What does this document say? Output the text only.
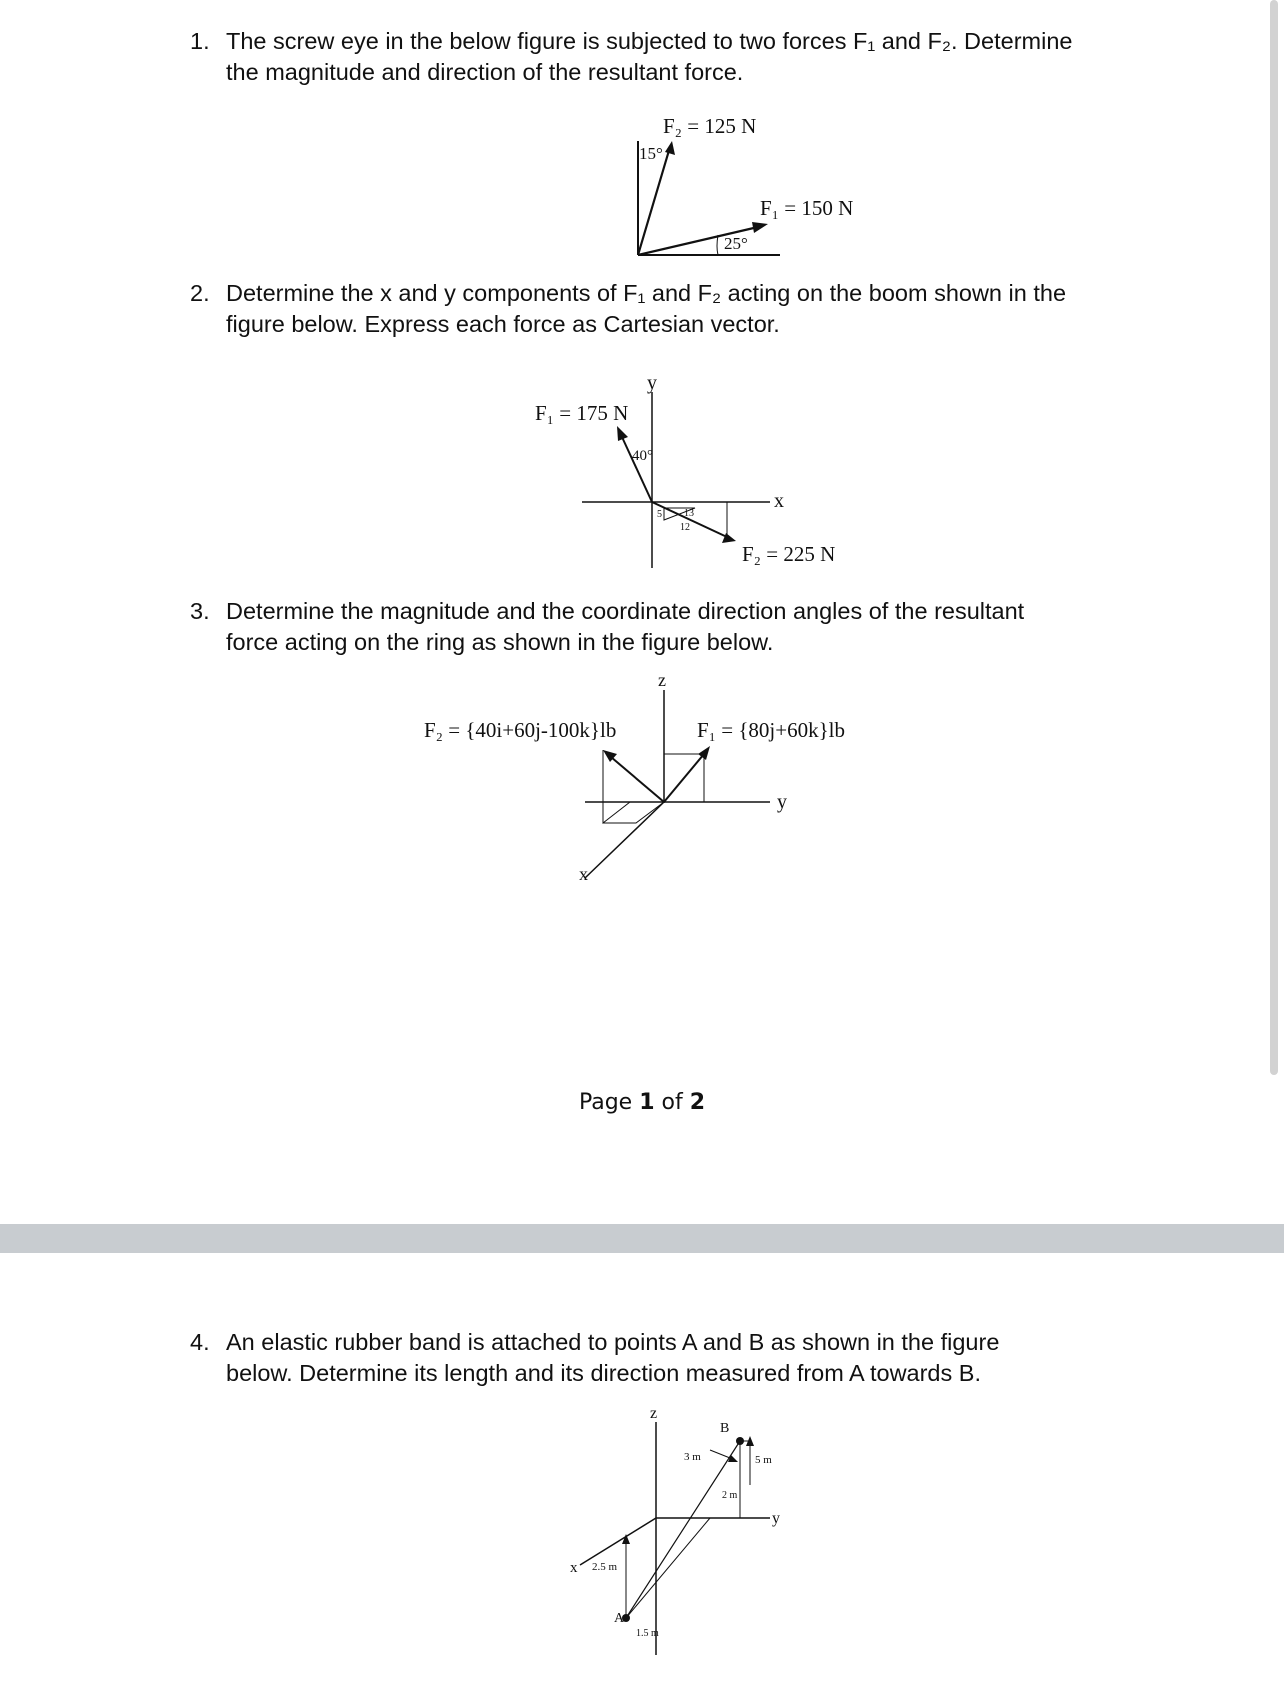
1. The screw eye in the below figure is subjected to two forces F₁ and F₂. Determine
the magnitude and direction of the resultant force.
F₂ = 125 N
15°
F₁ = 150 N
25°
2. Determine the x and y components of F₁ and F₂ acting on the boom shown in the
figure below. Express each force as Cartesian vector.
y
x
F₁ = 175 N
40°
13
5
12
F₂ = 225 N
3. Determine the magnitude and the coordinate direction angles of the resultant
force acting on the ring as shown in the figure below.
z
y
x
F₂ = {40i+60j-100k}lb	F₁ = {80j+60k}lb
Page 1 of 2
4. An elastic rubber band is attached to points A and B as shown in the figure
below. Determine its length and its direction measured from A towards B.
z
y
x
B
A
3 m	5 m
2.5 m
1.5 m
2 m
